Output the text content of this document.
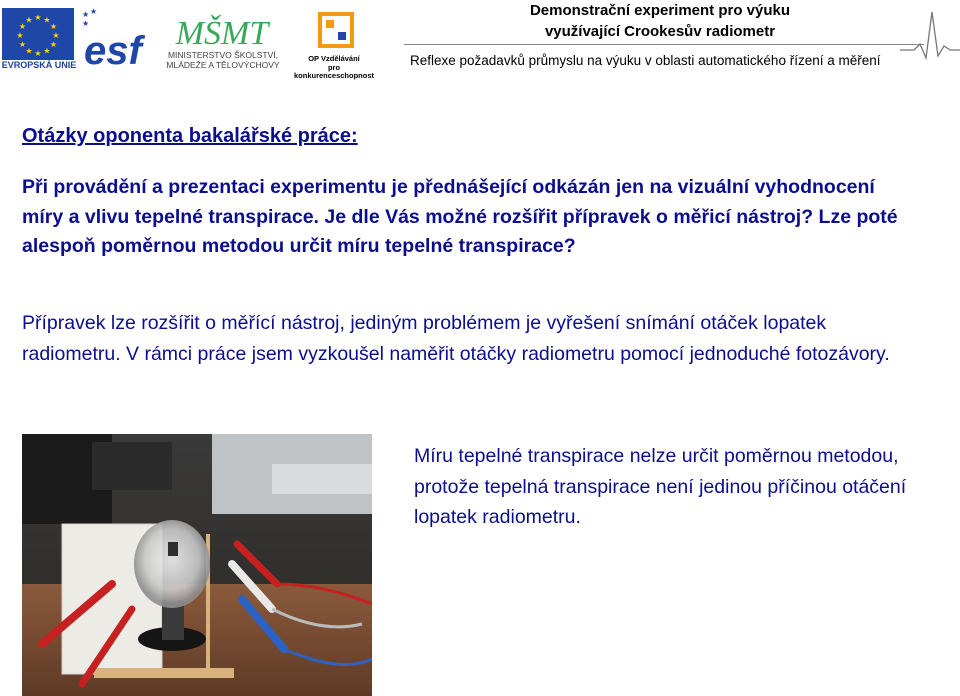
★ ★
★
★
★
★
★
★
★
★
★
★
EVROPSKÁ UNIE
★ ★
★
esf MŠMT
MINISTERSTVO ŠKOLSTVÍ,
MLÁDEŽE A TĚLOVÝCHOVY
OP Vzdělávání
pro konkurenceschopnost
Demonstrační experiment pro výuku
využívající Crookesův radiometr
Reflexe požadavků průmyslu na výuku v oblasti automatického řízení a měření
Otázky oponenta bakalářské práce:
Při provádění a prezentaci experimentu je přednášející odkázán jen na vizuální vyhodnocení míry a vlivu tepelné transpirace. Je dle Vás možné rozšířit přípravek o měřicí nástroj? Lze poté alespoň poměrnou metodou určit míru tepelné transpirace?
Přípravek lze rozšířit o měřící nástroj, jediným problémem je vyřešení snímání otáček lopatek radiometru. V rámci práce jsem vyzkoušel naměřit otáčky radiometru pomocí jednoduché fotozávory.
Míru tepelné transpirace nelze určit poměrnou metodou, protože tepelná transpirace není jedinou příčinou otáčení lopatek radiometru.
